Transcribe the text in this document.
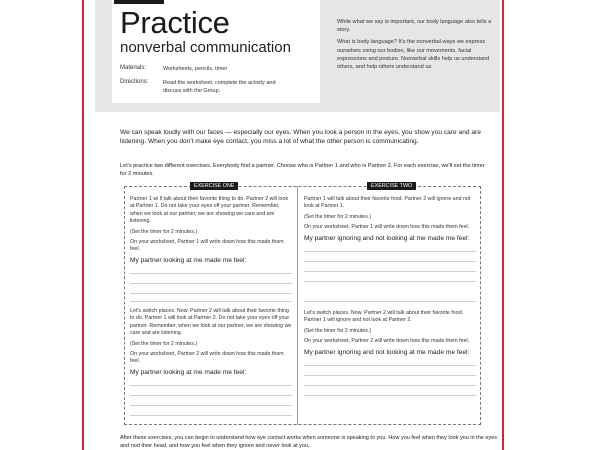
Practice
nonverbal communication
Materials:	Worksheets, pencils, timer
Directions:	Read the worksheet, complete the activity and discuss with the Group.

While what we say is important, our body language also tells a story.

What is body language? It's the nonverbal ways we express ourselves using our bodies, like our movements, facial expressions and posture. Nonverbal skills help us understand others, and help others understand us.

We can speak loudly with our faces — especially our eyes. When you look a person in the eyes, you show you care and are listening. When you don't make eye contact, you miss a lot of what the other person is communicating.
Let's practice two different exercises. Everybody find a partner. Choose who is Partner 1 and who is Partner 2. For each exercise, we'll set the timer for 2 minutes.
EXERCISE ONE	EXERCISE TWO

Partner 1 wi ll talk about their favorite thing to do. Partner 2 will look at Partner 1. Do not take your eyes off your partner. Remember, when we look at our partner, we are showing we care and are listening.

(Set the timer for 2 minutes.)

On your worksheet, Partner 1 will write down how this made them feel.

My partner looking at me made me feel:

Partner 1 will talk about their favorite food. Partner 2 will ignore and not look at Partner 1.

(Set the timer for 2 minutes.)

On your worksheet, Partner 1 will write down how this made them feel.

My partner ignoring and not looking at me made me feel:

Let's switch places. Now, Partner 2 will talk about their favorite thing to do. Partner 1 will look at Partner 2. Do not take your eyes off your partner. Remember, when we look at our partner, we are showing we care and are listening.

(Set the timer for 2 minutes.)

On your worksheet, Partner 2 will write down how this made them feel.

My partner looking at me made me feel:

Let's switch places. Now, Partner 2 will talk about their favorite food. Partner 1 will ignore and not look at Partner 2.

(Set the timer for 2 minutes.)

On your worksheet, Partner 2 will write down how this made them feel.

My partner ignoring and not looking at me made me feel:
After these exercises, you can begin to understand how eye contact works when someone is speaking to you. How you feel when they look you in the eyes and nod their head, and how you feel when they ignore and never look at you.
